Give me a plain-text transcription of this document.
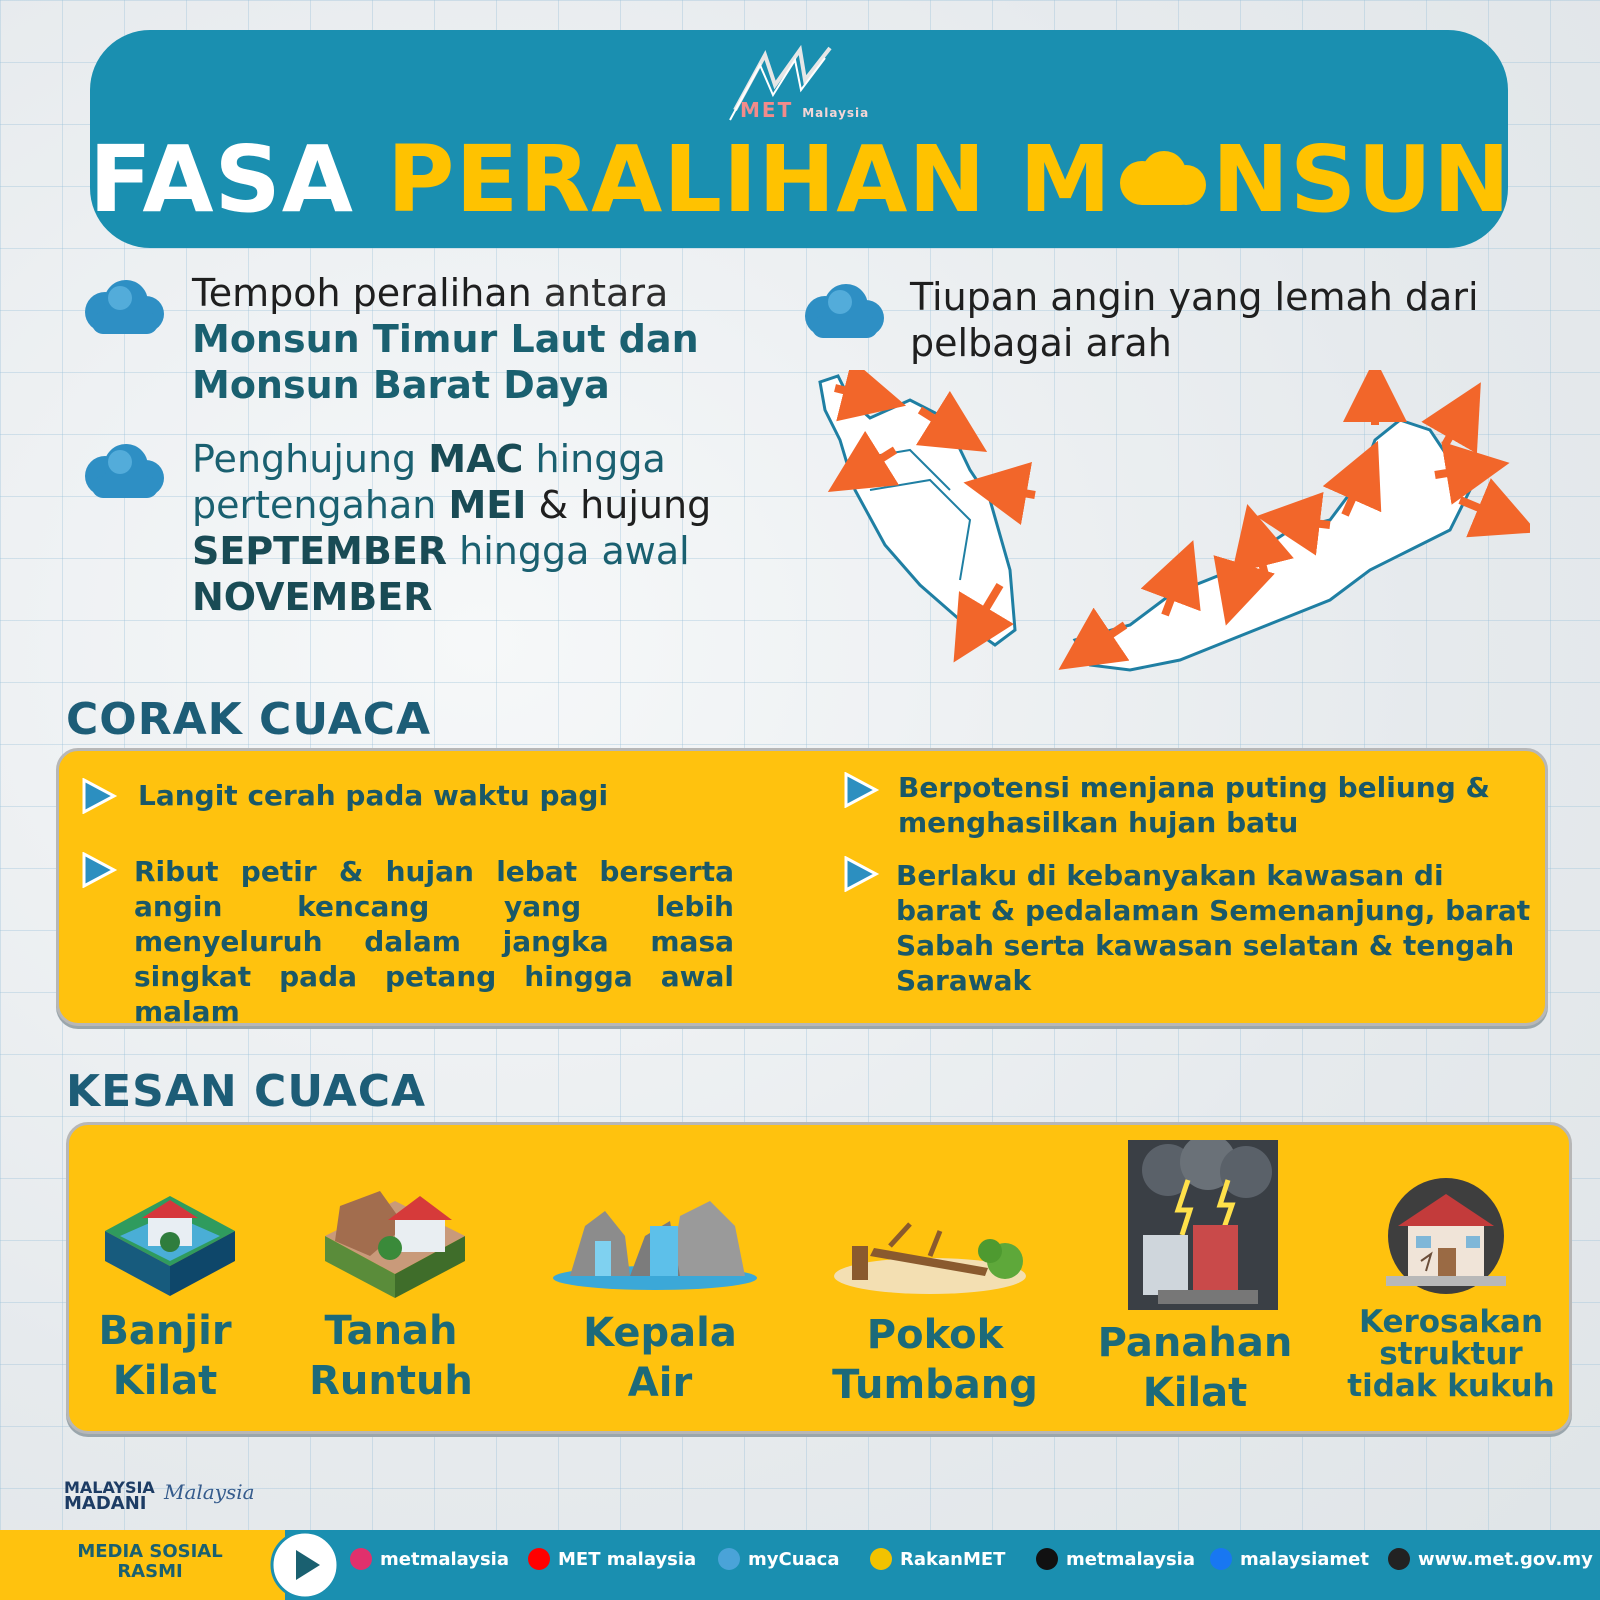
MET Malaysia
FASA PERALIHAN M NSUN
Tempoh peralihan antara
Monsun Timur Laut dan
Monsun Barat Daya
Penghujung MAC hingga
pertengahan MEI & hujung
SEPTEMBER hingga awal
NOVEMBER
Tiupan angin yang lemah dari
pelbagai arah
CORAK CUACA
Langit cerah pada waktu pagi
Ribut petir & hujan lebat berserta angin kencang yang lebih menyeluruh dalam jangka masa singkat pada petang hingga awal malam
Berpotensi menjana puting beliung & menghasilkan hujan batu
Berlaku di kebanyakan kawasan di barat & pedalaman Semenanjung, barat Sabah serta kawasan selatan & tengah Sarawak
KESAN CUACA
Banjir
Kilat
Tanah
Runtuh
Kepala
Air
Pokok
Tumbang
Panahan
Kilat
Kerosakan
struktur
tidak kukuh
MALAYSIA
MADANI Malaysia
MEDIA SOSIAL
RASMI
metmalaysia	MET malaysia	myCuaca	RakanMET	metmalaysia	malaysiamet	www.met.gov.my
